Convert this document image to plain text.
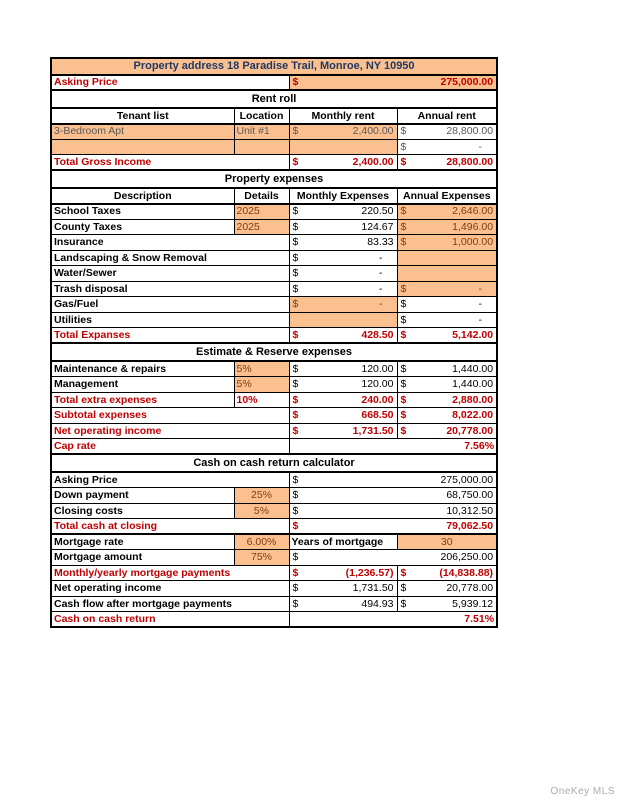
Property address 18 Paradise Trail, Monroe, NY 10950			
Asking Price		$ 275,000.00	

Rent roll			
Tenant list	Location	Monthly rent	Annual rent
3-Bedroom Apt	Unit #1	$ 2,400.00	$ 28,800.00

			$ -

Total Gross Income		$ 2,400.00	$ 28,800.00

Property expenses			
Description	Details	Monthly Expenses	Annual Expenses
School Taxes	2025	$ 220.50	$ 2,646.00

County Taxes	2025	$ 124.67	$ 1,496.00

Insurance		$ 83.33	$ 1,000.00

Landscaping & Snow Removal		$ -	

Water/Sewer		$ -	

Trash disposal		$ -	$ -

Gas/Fuel		$ -	$ -

Utilities			$ -

Total Expanses		$ 428.50	$ 5,142.00

Estimate & Reserve expenses			
Maintenance & repairs	5%	$ 120.00	$ 1,440.00

Management	5%	$ 120.00	$ 1,440.00

Total extra expenses	10%	$ 240.00	$ 2,880.00

Subtotal expenses		$ 668.50	$ 8,022.00

Net operating income		$ 1,731.50	$ 20,778.00

Cap rate		7.56%	
Cash on cash return calculator			
Asking Price		$ 275,000.00	

Down payment	25%	$ 68,750.00	

Closing costs	5%	$ 10,312.50	

Total cash at closing		$ 79,062.50	

Mortgage rate	6.00%	Years of mortgage	30
Mortgage amount	75%	$ 206,250.00	

Monthly/yearly mortgage payments		$ (1,236.57)	$ (14,838.88)

Net operating income		$ 1,731.50	$ 20,778.00

Cash flow after mortgage payments		$ 494.93	$ 5,939.12

Cash on cash return		7.51%	
OneKey MLS
